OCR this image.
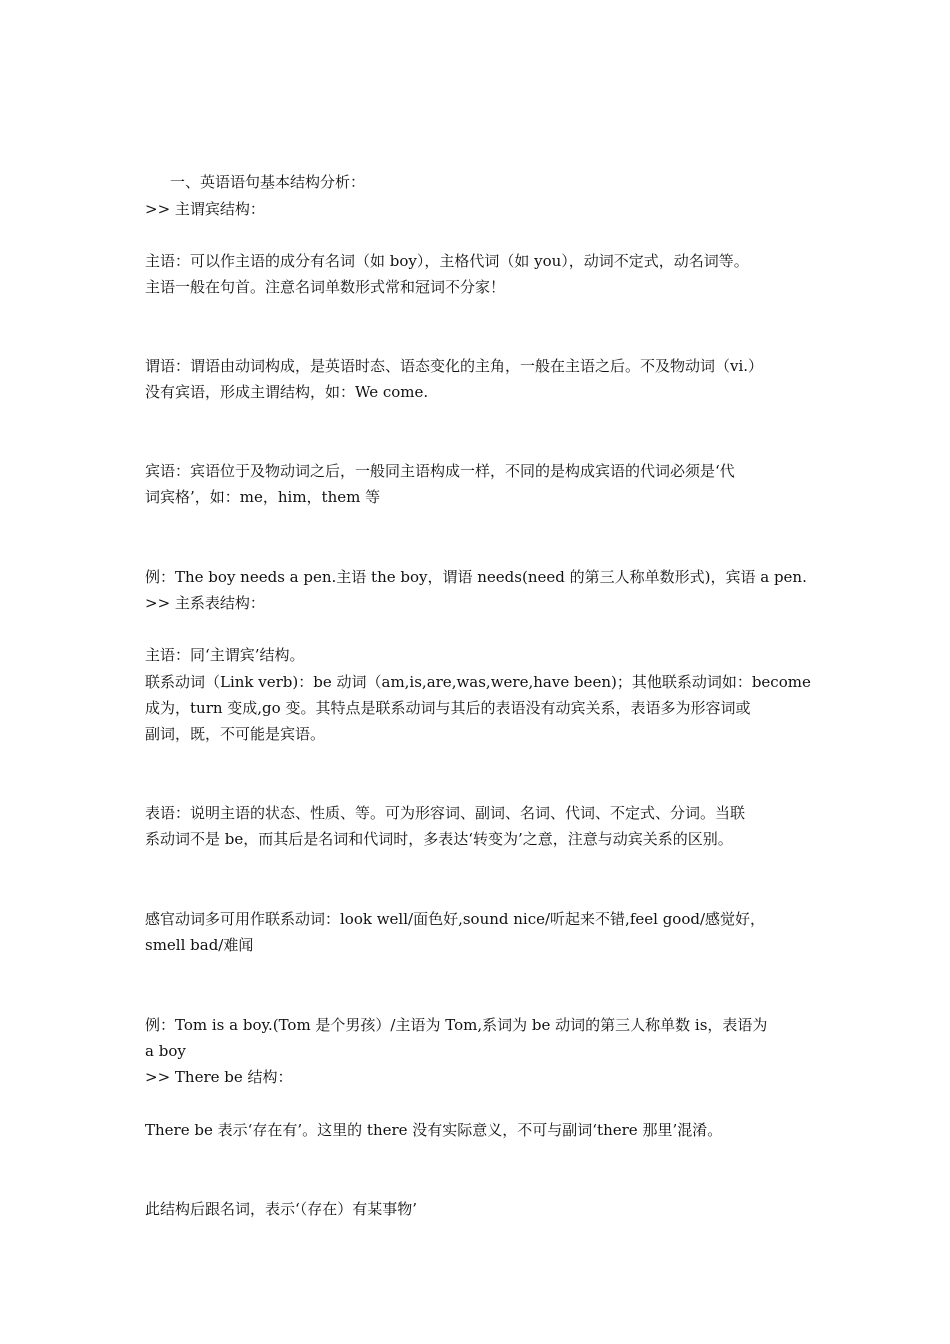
一、英语语句基本结构分析：
>> 主谓宾结构：
主语：可以作主语的成分有名词（如 boy），主格代词（如 you），动词不定式，动名词等。
主语一般在句首。注意名词单数形式常和冠词不分家！
谓语：谓语由动词构成，是英语时态、语态变化的主角，一般在主语之后。不及物动词（vi.）
没有宾语，形成主谓结构，如：We come.
宾语：宾语位于及物动词之后，一般同主语构成一样，不同的是构成宾语的代词必须是‘代
词宾格’，如：me，him，them 等
例：The boy needs a pen.主语 the boy，谓语 needs(need 的第三人称单数形式)，宾语 a pen.
>> 主系表结构：
主语：同‘主谓宾’结构。
联系动词（Link verb)：be 动词（am,is,are,was,were,have been)；其他联系动词如：become
成为，turn 变成,go 变。其特点是联系动词与其后的表语没有动宾关系，表语多为形容词或
副词，既，不可能是宾语。
表语：说明主语的状态、性质、等。可为形容词、副词、名词、代词、不定式、分词。当联
系动词不是 be，而其后是名词和代词时，多表达‘转变为’之意，注意与动宾关系的区别。
感官动词多可用作联系动词：look well/面色好,sound nice/听起来不错,feel good/感觉好，
smell bad/难闻
例：Tom is a boy.(Tom 是个男孩）/主语为 Tom,系词为 be 动词的第三人称单数 is，表语为
a boy
>> There be 结构：
There be 表示‘存在有’。这里的 there 没有实际意义，不可与副词‘there 那里’混淆。
此结构后跟名词，表示‘（存在）有某事物’
